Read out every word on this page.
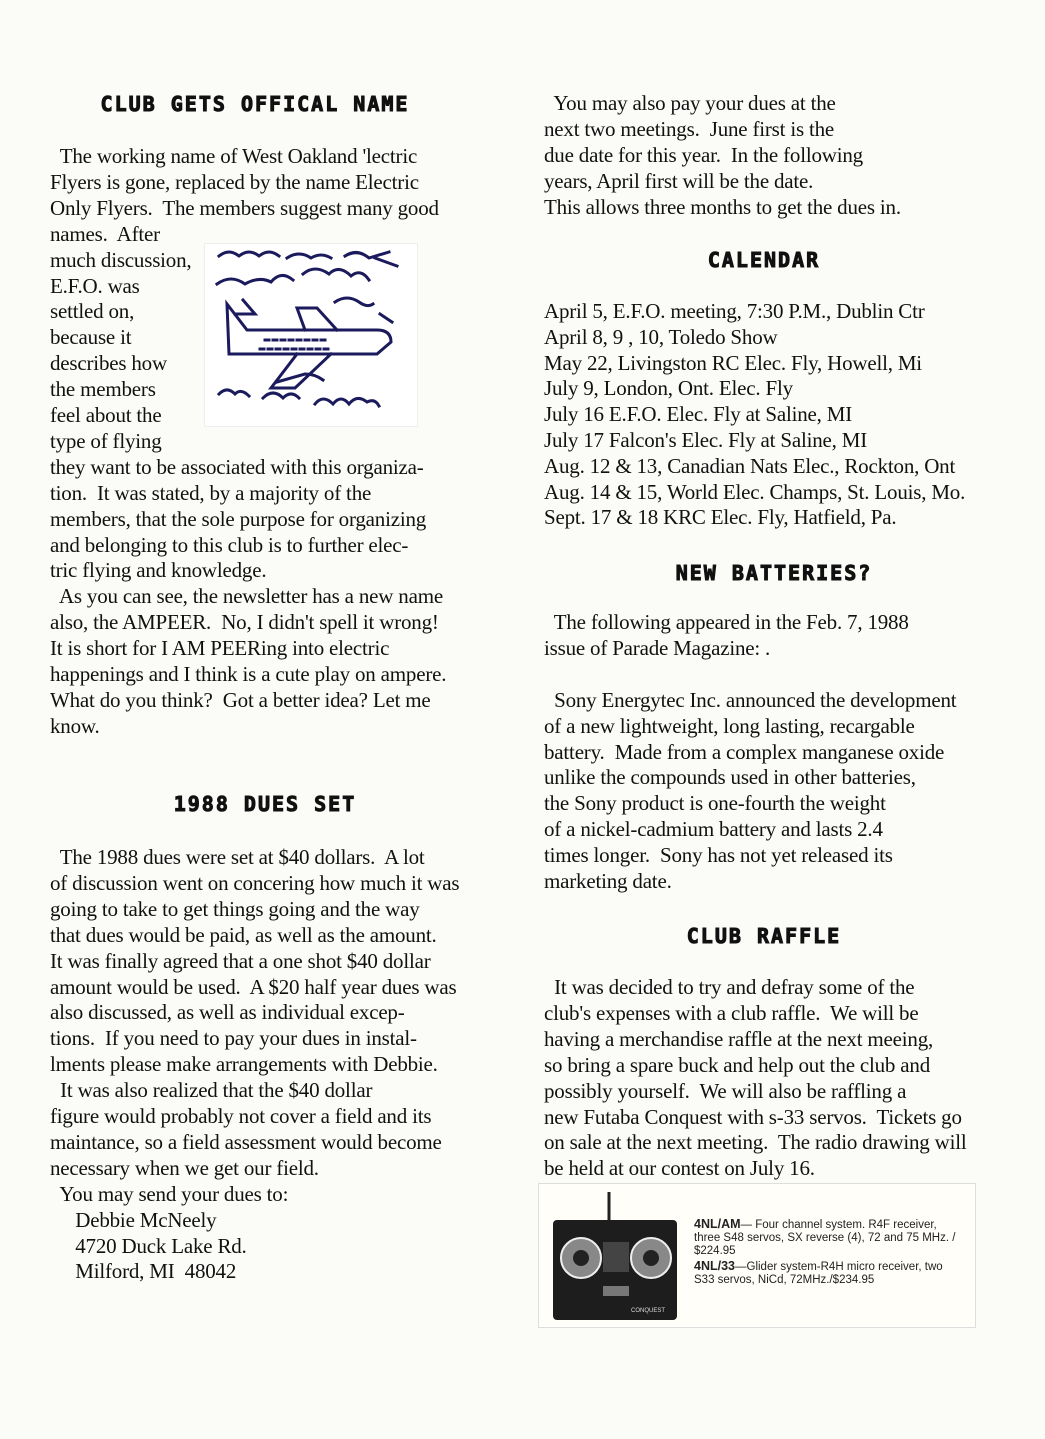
CLUB GETS OFFICAL NAME
The working name of West Oakland 'lectric
Flyers is gone, replaced by the name Electric
Only Flyers.  The members suggest many good
names.  After
much discussion,
E.F.O. was
settled on,
because it
describes how
the members
feel about the
type of flying
they want to be associated with this organiza-
tion.  It was stated, by a majority of the
members, that the sole purpose for organizing
and belonging to this club is to further elec-
tric flying and knowledge.
As you can see, the newsletter has a new name
also, the AMPEER.  No, I didn't spell it wrong!
It is short for I AM PEERing into electric
happenings and I think is a cute play on ampere.
What do you think?  Got a better idea? Let me
know.
1988 DUES SET
The 1988 dues were set at $40 dollars.  A lot
of discussion went on concering how much it was
going to take to get things going and the way
that dues would be paid, as well as the amount.
It was finally agreed that a one shot $40 dollar
amount would be used.  A $20 half year dues was
also discussed, as well as individual excep-
tions.  If you need to pay your dues in instal-
lments please make arrangements with Debbie.
It was also realized that the $40 dollar
figure would probably not cover a field and its
maintance, so a field assessment would become
necessary when we get our field.
You may send your dues to:
Debbie McNeely
4720 Duck Lake Rd.
Milford, MI  48042
You may also pay your dues at the
next two meetings.  June first is the
due date for this year.  In the following
years, April first will be the date.
This allows three months to get the dues in.
CALENDAR
April 5, E.F.O. meeting, 7:30 P.M., Dublin Ctr
April 8, 9 , 10, Toledo Show
May 22, Livingston RC Elec. Fly, Howell, Mi
July 9, London, Ont. Elec. Fly
July 16 E.F.O. Elec. Fly at Saline, MI
July 17 Falcon's Elec. Fly at Saline, MI
Aug. 12 & 13, Canadian Nats Elec., Rockton, Ont
Aug. 14 & 15, World Elec. Champs, St. Louis, Mo.
Sept. 17 & 18 KRC Elec. Fly, Hatfield, Pa.
NEW BATTERIES?
The following appeared in the Feb. 7, 1988
issue of Parade Magazine: .
Sony Energytec Inc. announced the development
of a new lightweight, long lasting, recargable
battery.  Made from a complex manganese oxide
unlike the compounds used in other batteries,
the Sony product is one-fourth the weight
of a nickel-cadmium battery and lasts 2.4
times longer.  Sony has not yet released its
marketing date.
CLUB RAFFLE
It was decided to try and defray some of the
club's expenses with a club raffle.  We will be
having a merchandise raffle at the next meeing,
so bring a spare buck and help out the club and
possibly yourself.  We will also be raffling a
new Futaba Conquest with s-33 servos.  Tickets go
on sale at the next meeting.  The radio drawing will
be held at our contest on July 16.
CONQUEST
4NL/AM— Four channel system. R4F receiver, three S48 servos, SX reverse (4), 72 and 75 MHz. / $224.95
4NL/33—Glider system-R4H micro receiver, two S33 servos, NiCd, 72MHz./$234.95
